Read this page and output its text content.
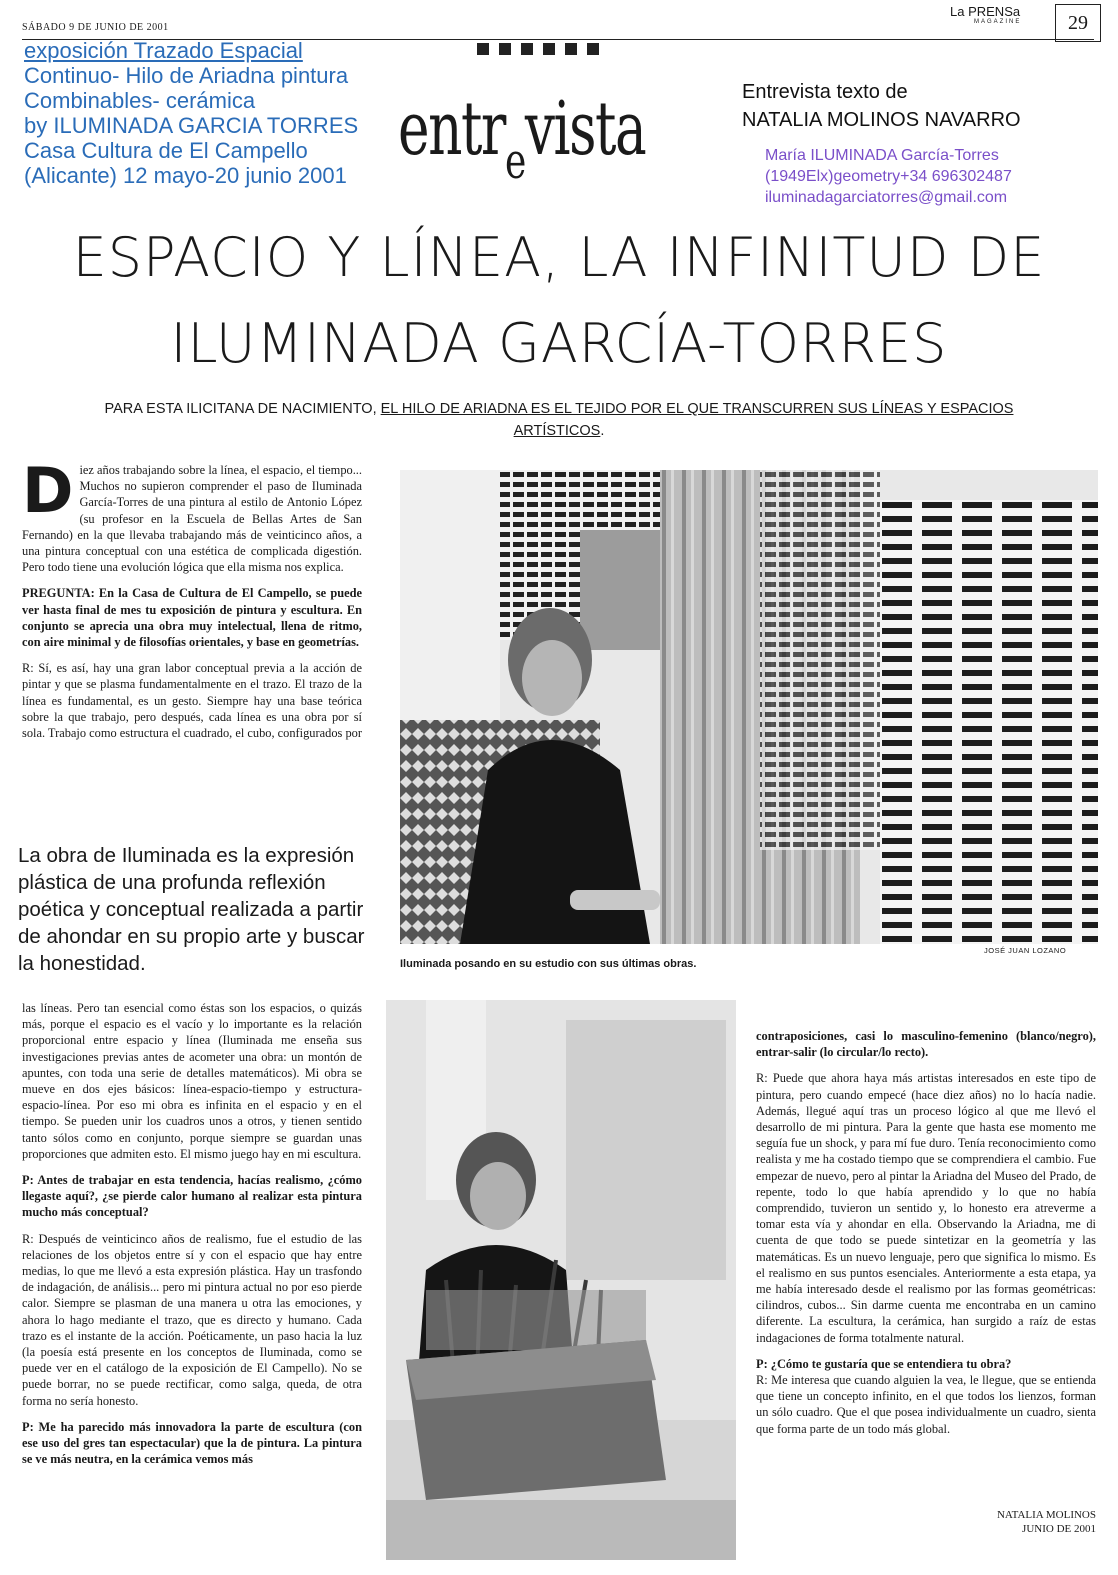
SÁBADO 9 DE JUNIO DE 2001
La PRENSa
MAGAZINE	29
exposición Trazado Espacial
Continuo- Hilo de Ariadna pintura
Combinables- cerámica
by ILUMINADA GARCIA TORRES
Casa Cultura de El Campello
(Alicante) 12 mayo-20 junio 2001
entr$_e$vista	Entrevista texto de
NATALIA MOLINOS NAVARRO
María ILUMINADA García-Torres
(1949Elx)geometry+34 696302487
iluminadagarciatorres@gmail.com
ESPACIO Y LÍNEA, LA INFINITUD DE
ILUMINADA GARCÍA-TORRES
PARA ESTA ILICITANA DE NACIMIENTO, EL HILO DE ARIADNA ES EL TEJIDO POR EL QUE TRANSCURREN SUS LÍNEAS Y ESPACIOS ARTÍSTICOS.

Diez años trabajando sobre la línea, el espacio, el tiempo... Muchos no supieron comprender el paso de Iluminada García-Torres de una pintura al estilo de Antonio López (su profesor en la Escuela de Bellas Artes de San Fernando) en la que llevaba trabajando más de veinticinco años, a una pintura conceptual con una estética de complicada digestión. Pero todo tiene una evolución lógica que ella misma nos explica.

PREGUNTA: En la Casa de Cultura de El Campello, se puede ver hasta final de mes tu exposición de pintura y escultura. En conjunto se aprecia una obra muy intelectual, llena de ritmo, con aire minimal y de filosofías orientales, y base en geometrías.

R: Sí, es así, hay una gran labor conceptual previa a la acción de pintar y que se plasma fundamentalmente en el trazo. El trazo de la línea es fundamental, es un gesto. Siempre hay una base teórica sobre la que trabajo, pero después, cada línea es una obra por sí sola. Trabajo como estructura el cuadrado, el cubo, configurados por

La obra de Iluminada es la expresión plástica de una profunda reflexión poética y conceptual realizada a partir de ahondar en su propio arte y buscar la honestidad.
JOSÉ JUAN LOZANO
Iluminada posando en su estudio con sus últimas obras.

las líneas. Pero tan esencial como éstas son los espacios, o quizás más, porque el espacio es el vacío y lo importante es la relación proporcional entre espacio y línea (Iluminada me enseña sus investigaciones previas antes de acometer una obra: un montón de apuntes, con toda una serie de detalles matemáticos). Mi obra se mueve en dos ejes básicos: línea-espacio-tiempo y estructura-espacio-línea. Por eso mi obra es infinita en el espacio y en el tiempo. Se pueden unir los cuadros unos a otros, y tienen sentido tanto sólos como en conjunto, porque siempre se guardan unas proporciones que admiten esto. El mismo juego hay en mi escultura.

P: Antes de trabajar en esta tendencia, hacías realismo, ¿cómo llegaste aquí?, ¿se pierde calor humano al realizar esta pintura mucho más conceptual?

R: Después de veinticinco años de realismo, fue el estudio de las relaciones de los objetos entre sí y con el espacio que hay entre medias, lo que me llevó a esta expresión plástica. Hay un trasfondo de indagación, de análisis... pero mi pintura actual no por eso pierde calor. Siempre se plasman de una manera u otra las emociones, y ahora lo hago mediante el trazo, que es directo y humano. Cada trazo es el instante de la acción. Poéticamente, un paso hacia la luz (la poesía está presente en los conceptos de Iluminada, como se puede ver en el catálogo de la exposición de El Campello). No se puede borrar, no se puede rectificar, como salga, queda, de otra forma no sería honesto.

P: Me ha parecido más innovadora la parte de escultura (con ese uso del gres tan espectacular) que la de pintura. La pintura se ve más neutra, en la cerámica vemos más

contraposiciones, casi lo masculino-femenino (blanco/negro), entrar-salir (lo circular/lo recto).

R: Puede que ahora haya más artistas interesados en este tipo de pintura, pero cuando empecé (hace diez años) no lo hacía nadie. Además, llegué aquí tras un proceso lógico al que me llevó el desarrollo de mi pintura. Para la gente que hasta ese momento me seguía fue un shock, y para mí fue duro. Tenía reconocimiento como realista y me ha costado tiempo que se comprendiera el cambio. Fue empezar de nuevo, pero al pintar la Ariadna del Museo del Prado, de repente, todo lo que había aprendido y lo que no había comprendido, tuvieron un sentido y, lo honesto era atreverme a tomar esta vía y ahondar en ella. Observando la Ariadna, me di cuenta de que todo se puede sintetizar en la geometría y las matemáticas. Es un nuevo lenguaje, pero que significa lo mismo. Es el realismo en sus puntos esenciales. Anteriormente a esta etapa, ya me había interesado desde el realismo por las formas geométricas: cilindros, cubos... Sin darme cuenta me encontraba en un camino diferente. La escultura, la cerámica, han surgido a raíz de estas indagaciones de forma totalmente natural.

P: ¿Cómo te gustaría que se entendiera tu obra?
R: Me interesa que cuando alguien la vea, le llegue, que se entienda que tiene un concepto infinito, en el que todos los lienzos, forman un sólo cuadro. Que el que posea individualmente un cuadro, sienta que forma parte de un todo más global.

NATALIA MOLINOS
JUNIO DE 2001
